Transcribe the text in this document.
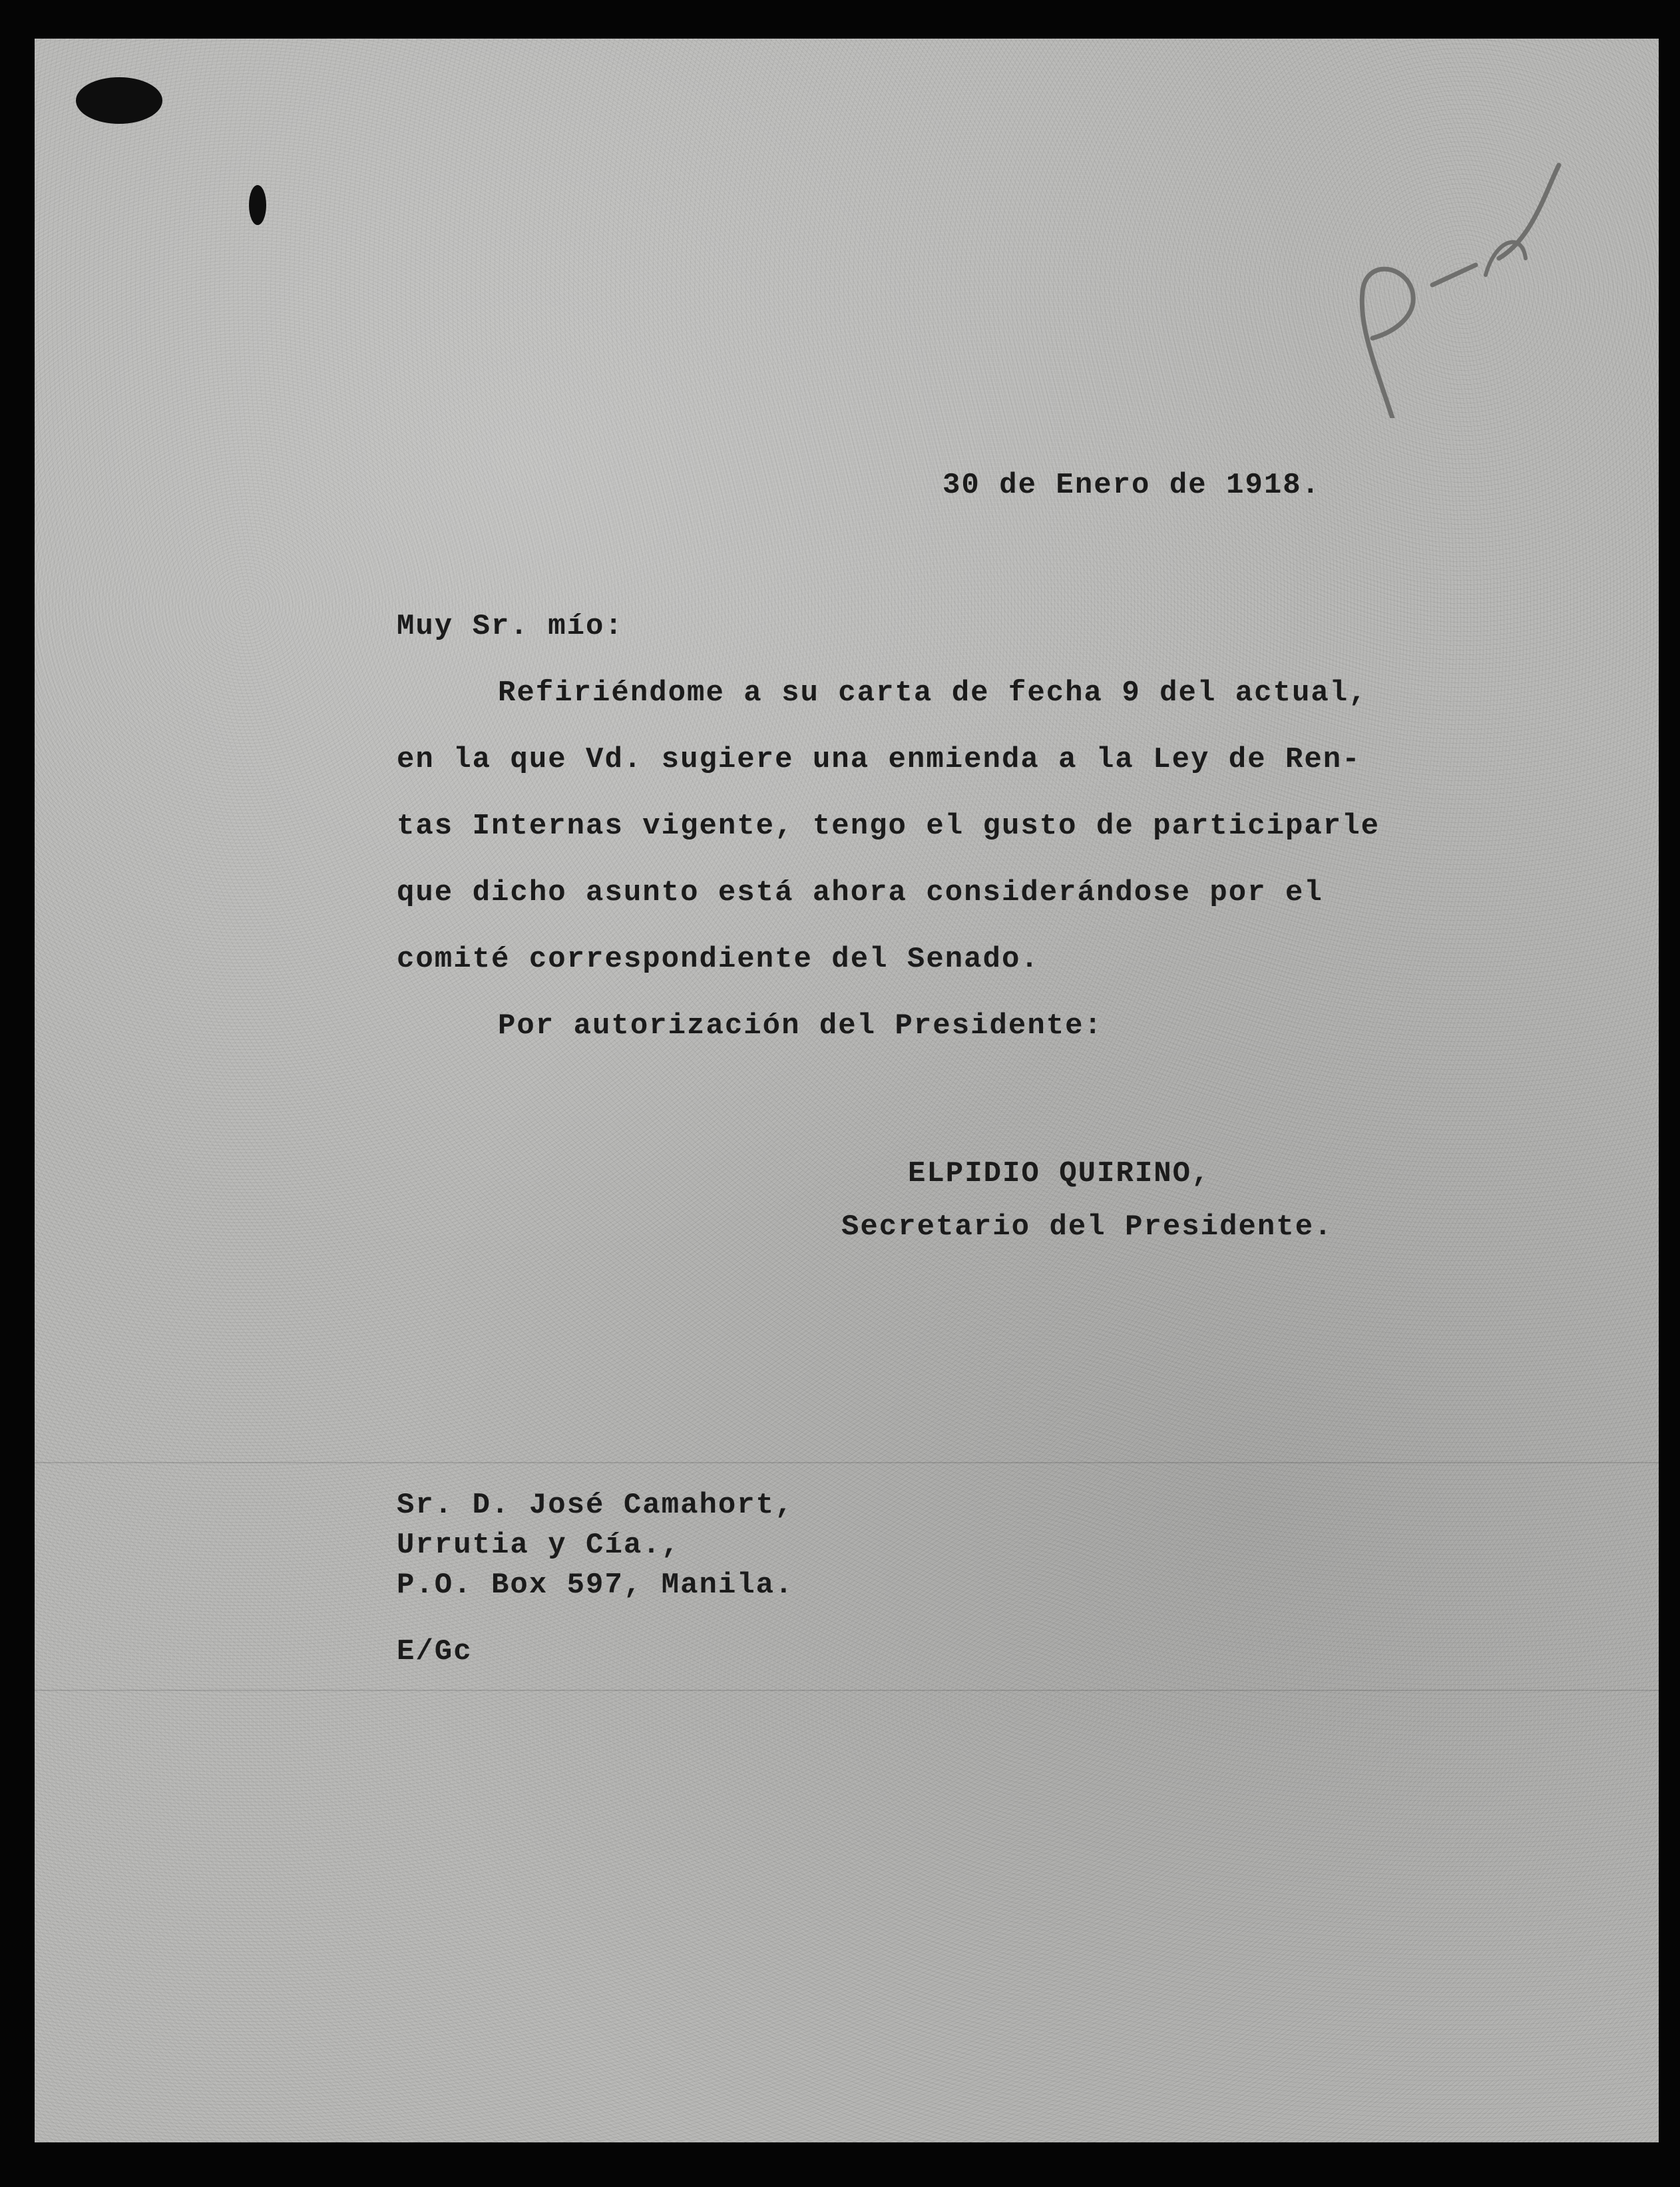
30 de Enero de 1918.

Muy Sr. mío:

Refiriéndome a su carta de fecha 9 del actual,

en la que Vd. sugiere una enmienda a la Ley de Ren-

tas Internas vigente, tengo el gusto de participarle

que dicho asunto está ahora considerándose por el

comité correspondiente del Senado.

Por autorización del Presidente:

ELPIDIO QUIRINO,

Secretario del Presidente.

Sr. D. José Camahort,

Urrutia y Cía.,

P.O. Box 597, Manila.

E/Gc
